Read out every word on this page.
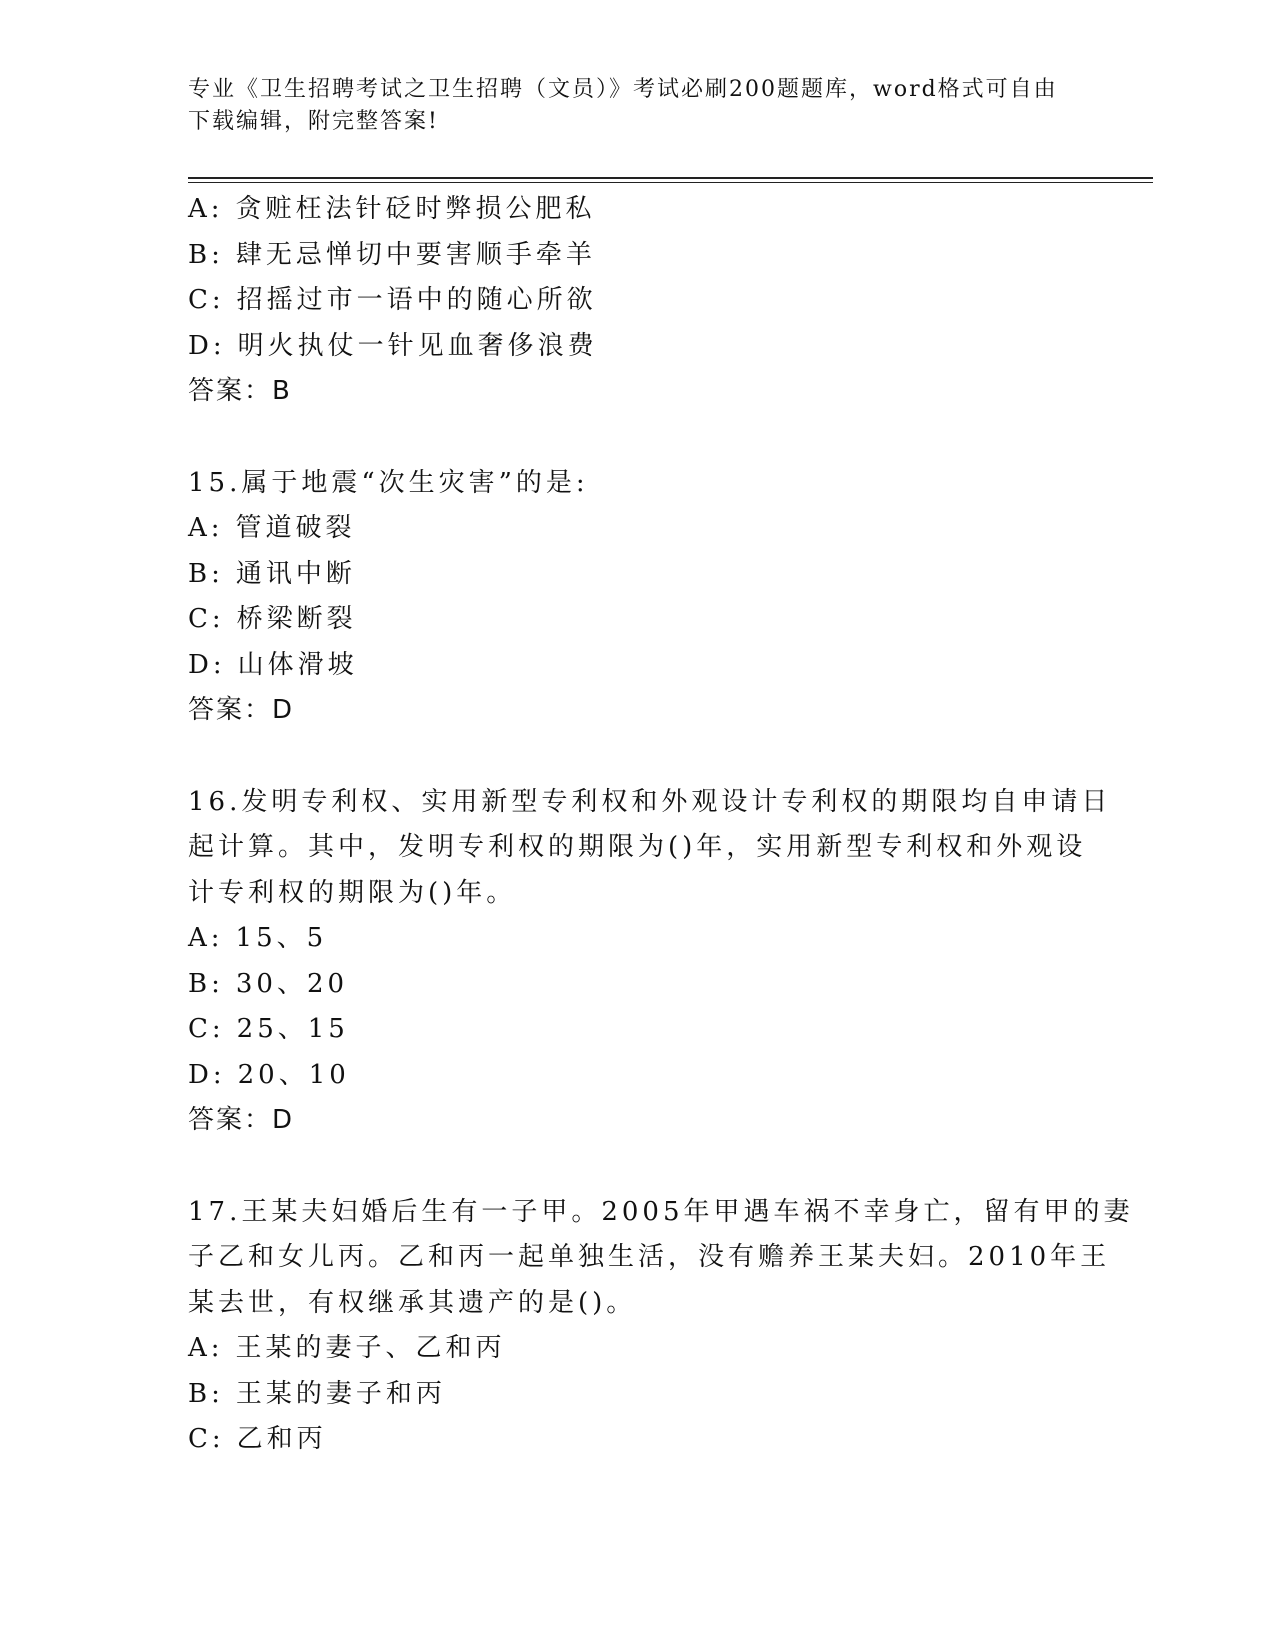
专业《卫生招聘考试之卫生招聘（文员）》考试必刷200题题库，word格式可自由下载编辑，附完整答案!
A: 贪赃枉法针砭时弊损公肥私
B: 肆无忌惮切中要害顺手牵羊
C: 招摇过市一语中的随心所欲
D: 明火执仗一针见血奢侈浪费
答案：B
15.属于地震“次生灾害”的是:
A: 管道破裂
B: 通讯中断
C: 桥梁断裂
D: 山体滑坡
答案：D
16.发明专利权、实用新型专利权和外观设计专利权的期限均自申请日
起计算。其中，发明专利权的期限为()年，实用新型专利权和外观设
计专利权的期限为()年。
A: 15、5
B: 30、20
C: 25、15
D: 20、10
答案：D
17.王某夫妇婚后生有一子甲。2005年甲遇车祸不幸身亡，留有甲的妻
子乙和女儿丙。乙和丙一起单独生活，没有赡养王某夫妇。2010年王
某去世，有权继承其遗产的是()。
A: 王某的妻子、乙和丙
B: 王某的妻子和丙
C: 乙和丙
